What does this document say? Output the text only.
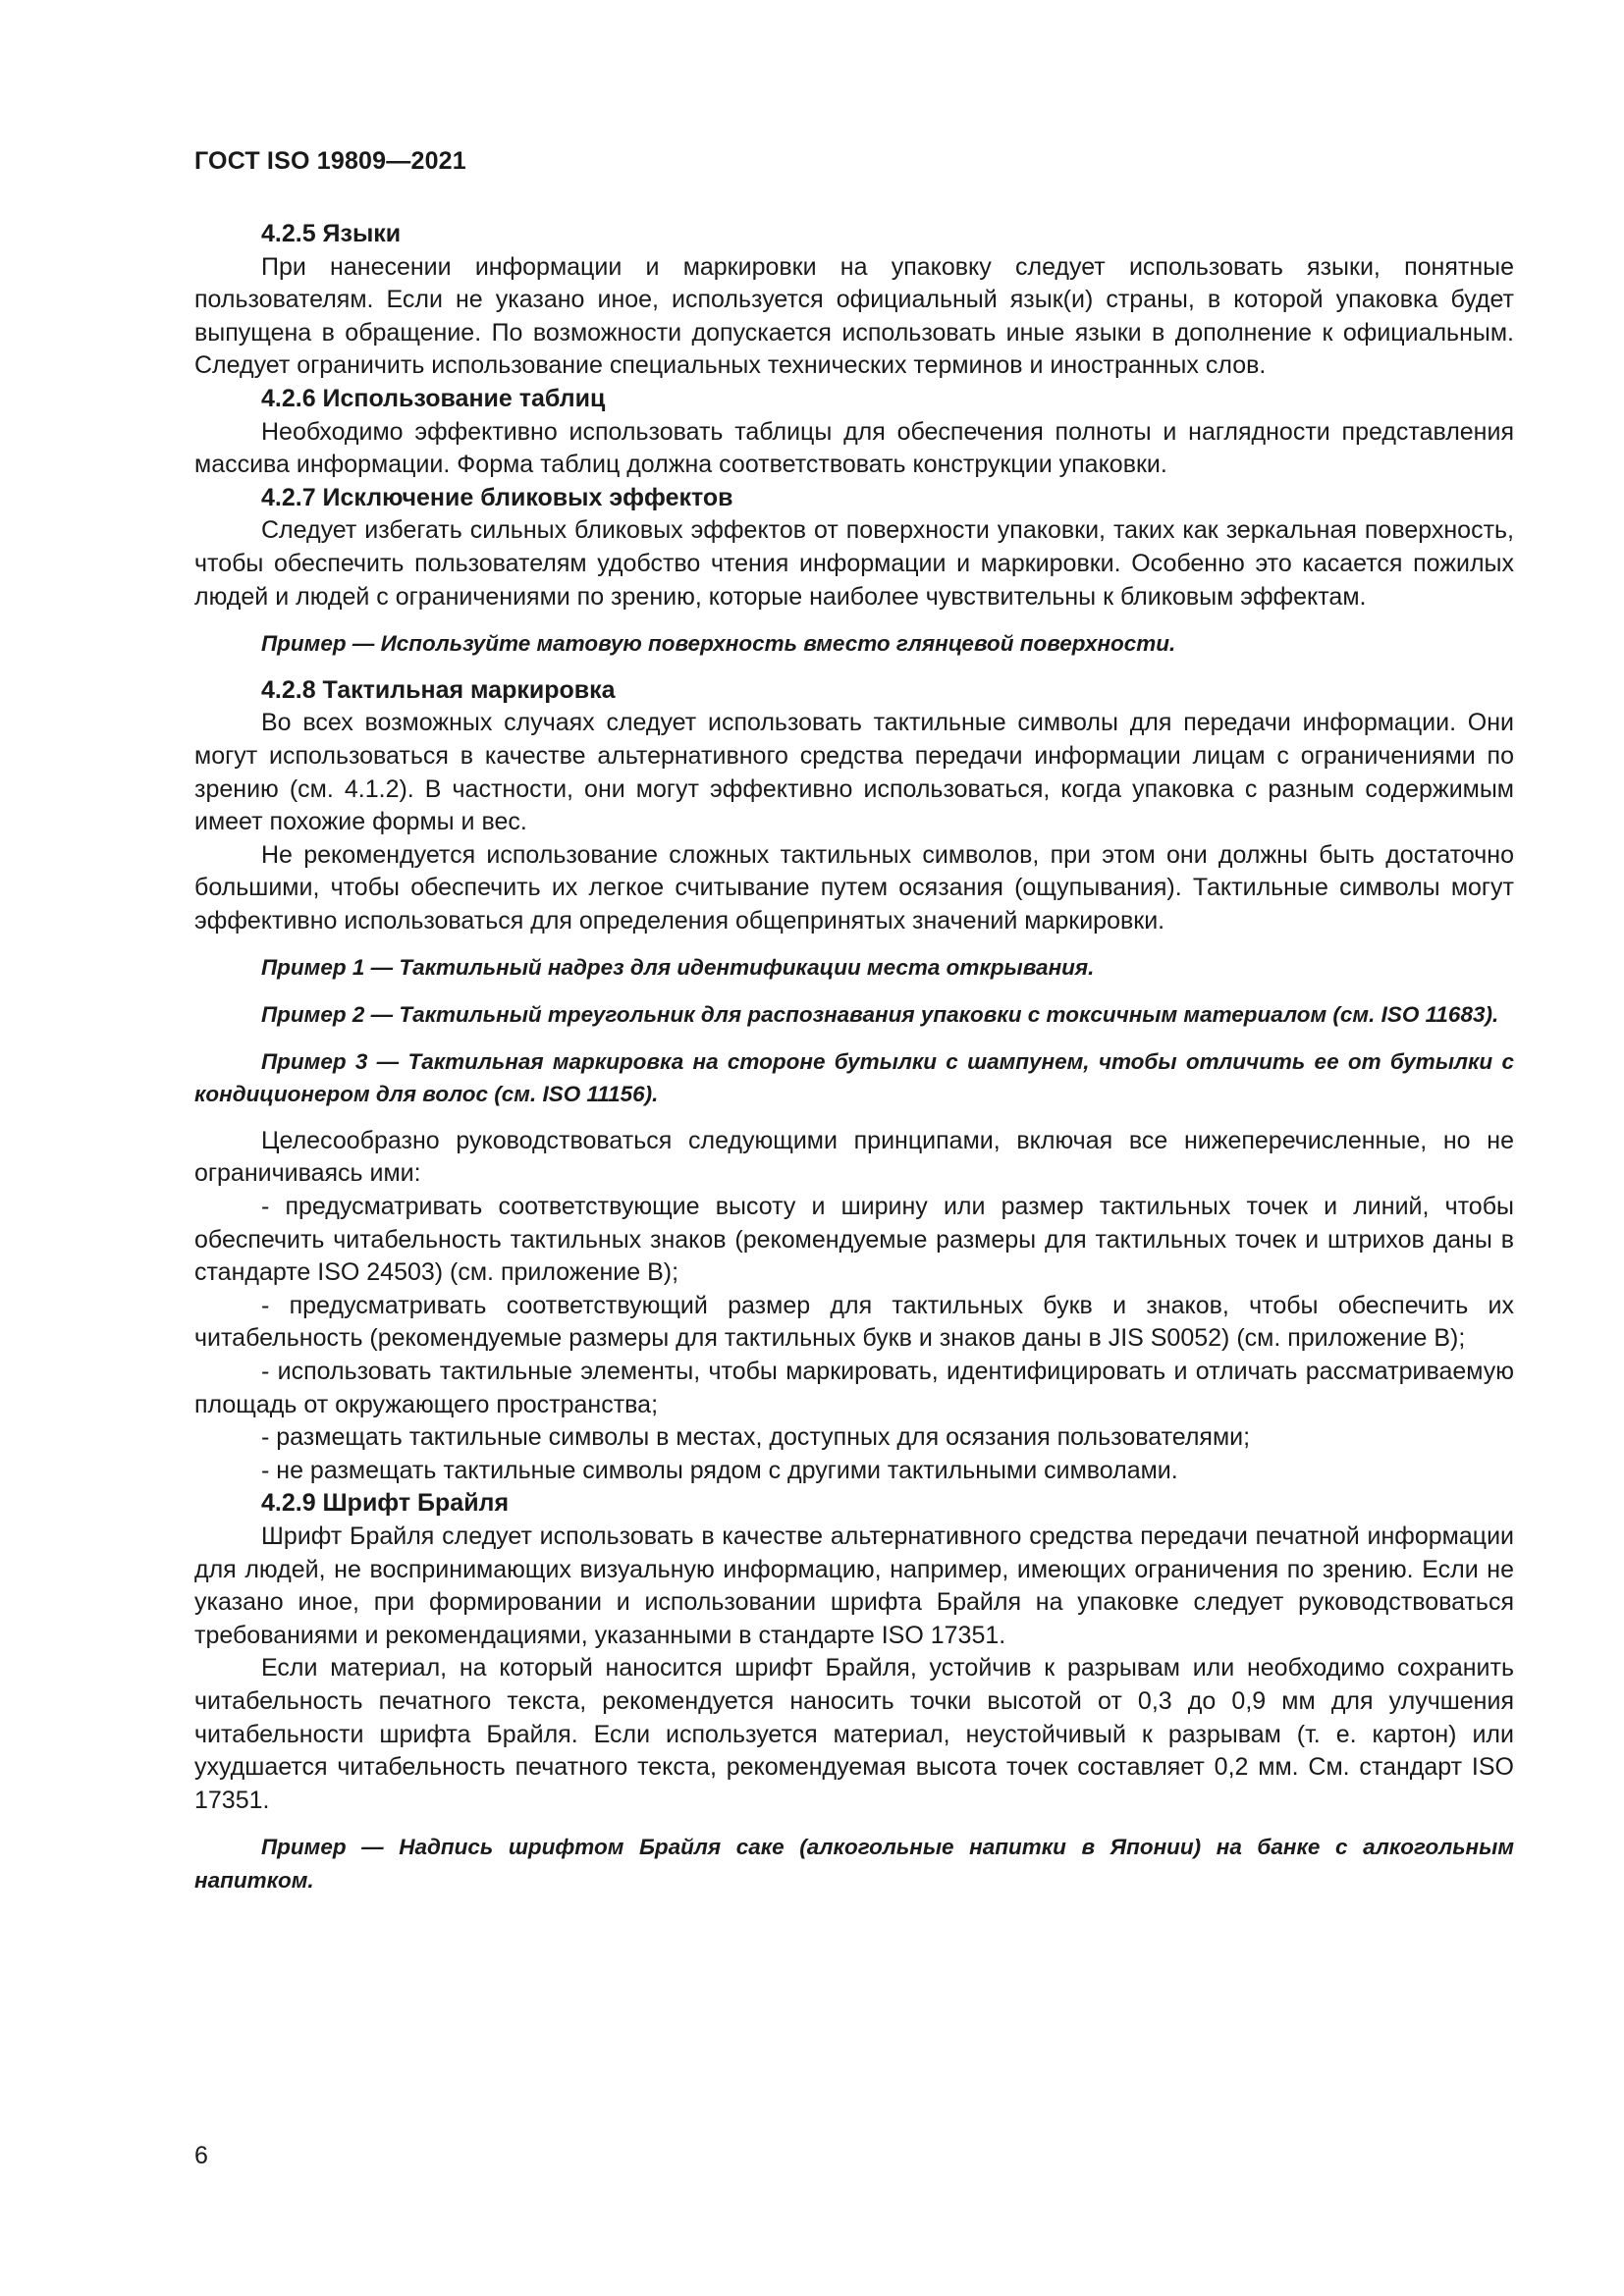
ГОСТ ISO 19809—2021
4.2.5 Языки

При нанесении информации и маркировки на упаковку следует использовать языки, понятные пользователям. Если не указано иное, используется официальный язык(и) страны, в которой упаковка будет выпущена в обращение. По возможности допускается использовать иные языки в дополнение к официальным. Следует ограничить использование специальных технических терминов и иностранных слов.

4.2.6 Использование таблиц

Необходимо эффективно использовать таблицы для обеспечения полноты и наглядности представления массива информации. Форма таблиц должна соответствовать конструкции упаковки.

4.2.7 Исключение бликовых эффектов

Следует избегать сильных бликовых эффектов от поверхности упаковки, таких как зеркальная поверхность, чтобы обеспечить пользователям удобство чтения информации и маркировки. Особенно это касается пожилых людей и людей с ограничениями по зрению, которые наиболее чувствительны к бликовым эффектам.

Пример — Используйте матовую поверхность вместо глянцевой поверхности.

4.2.8 Тактильная маркировка

Во всех возможных случаях следует использовать тактильные символы для передачи информации. Они могут использоваться в качестве альтернативного средства передачи информации лицам с ограничениями по зрению (см. 4.1.2). В частности, они могут эффективно использоваться, когда упаковка с разным содержимым имеет похожие формы и вес.

Не рекомендуется использование сложных тактильных символов, при этом они должны быть достаточно большими, чтобы обеспечить их легкое считывание путем осязания (ощупывания). Тактильные символы могут эффективно использоваться для определения общепринятых значений маркировки.

Пример 1 — Тактильный надрез для идентификации места открывания.

Пример 2 — Тактильный треугольник для распознавания упаковки с токсичным материалом (см. ISO 11683).

Пример 3 — Тактильная маркировка на стороне бутылки с шампунем, чтобы отличить ее от бутылки с кондиционером для волос (см. ISO 11156).

Целесообразно руководствоваться следующими принципами, включая все нижеперечисленные, но не ограничиваясь ими:

- предусматривать соответствующие высоту и ширину или размер тактильных точек и линий, чтобы обеспечить читабельность тактильных знаков (рекомендуемые размеры для тактильных точек и штрихов даны в стандарте ISO 24503) (см. приложение В);

- предусматривать соответствующий размер для тактильных букв и знаков, чтобы обеспечить их читабельность (рекомендуемые размеры для тактильных букв и знаков даны в JIS S0052) (см. приложение В);

- использовать тактильные элементы, чтобы маркировать, идентифицировать и отличать рассматриваемую площадь от окружающего пространства;

- размещать тактильные символы в местах, доступных для осязания пользователями;

- не размещать тактильные символы рядом с другими тактильными символами.

4.2.9 Шрифт Брайля

Шрифт Брайля следует использовать в качестве альтернативного средства передачи печатной информации для людей, не воспринимающих визуальную информацию, например, имеющих ограничения по зрению. Если не указано иное, при формировании и использовании шрифта Брайля на упаковке следует руководствоваться требованиями и рекомендациями, указанными в стандарте ISO 17351.

Если материал, на который наносится шрифт Брайля, устойчив к разрывам или необходимо сохранить читабельность печатного текста, рекомендуется наносить точки высотой от 0,3 до 0,9 мм для улучшения читабельности шрифта Брайля. Если используется материал, неустойчивый к разрывам (т. е. картон) или ухудшается читабельность печатного текста, рекомендуемая высота точек составляет 0,2 мм. См. стандарт ISO 17351.

Пример — Надпись шрифтом Брайля саке (алкогольные напитки в Японии) на банке с алкогольным напитком.

6
